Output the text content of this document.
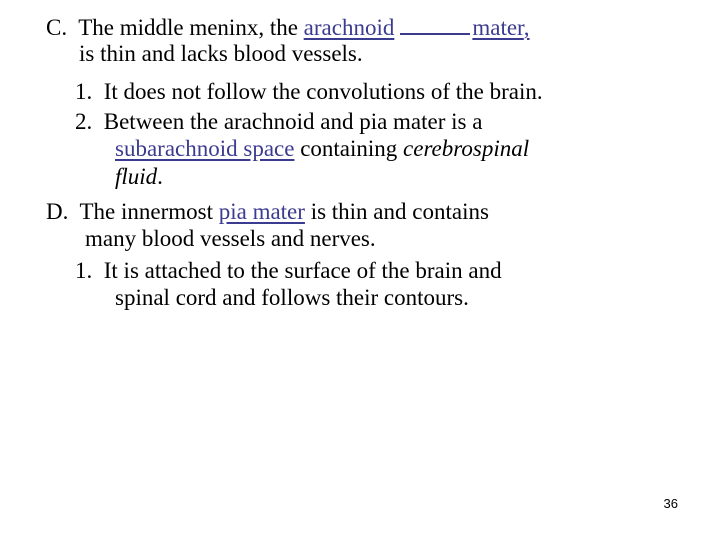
C. The middle meninx, the arachnoid	mater,
is thin and lacks blood vessels.
1. It does not follow the convolutions of the brain.
2. Between the arachnoid and pia mater is a
subarachnoid space containing cerebrospinal
fluid.
D. The innermost pia mater is thin and contains
many blood vessels and nerves.
1. It is attached to the surface of the brain and
spinal cord and follows their contours.
36
